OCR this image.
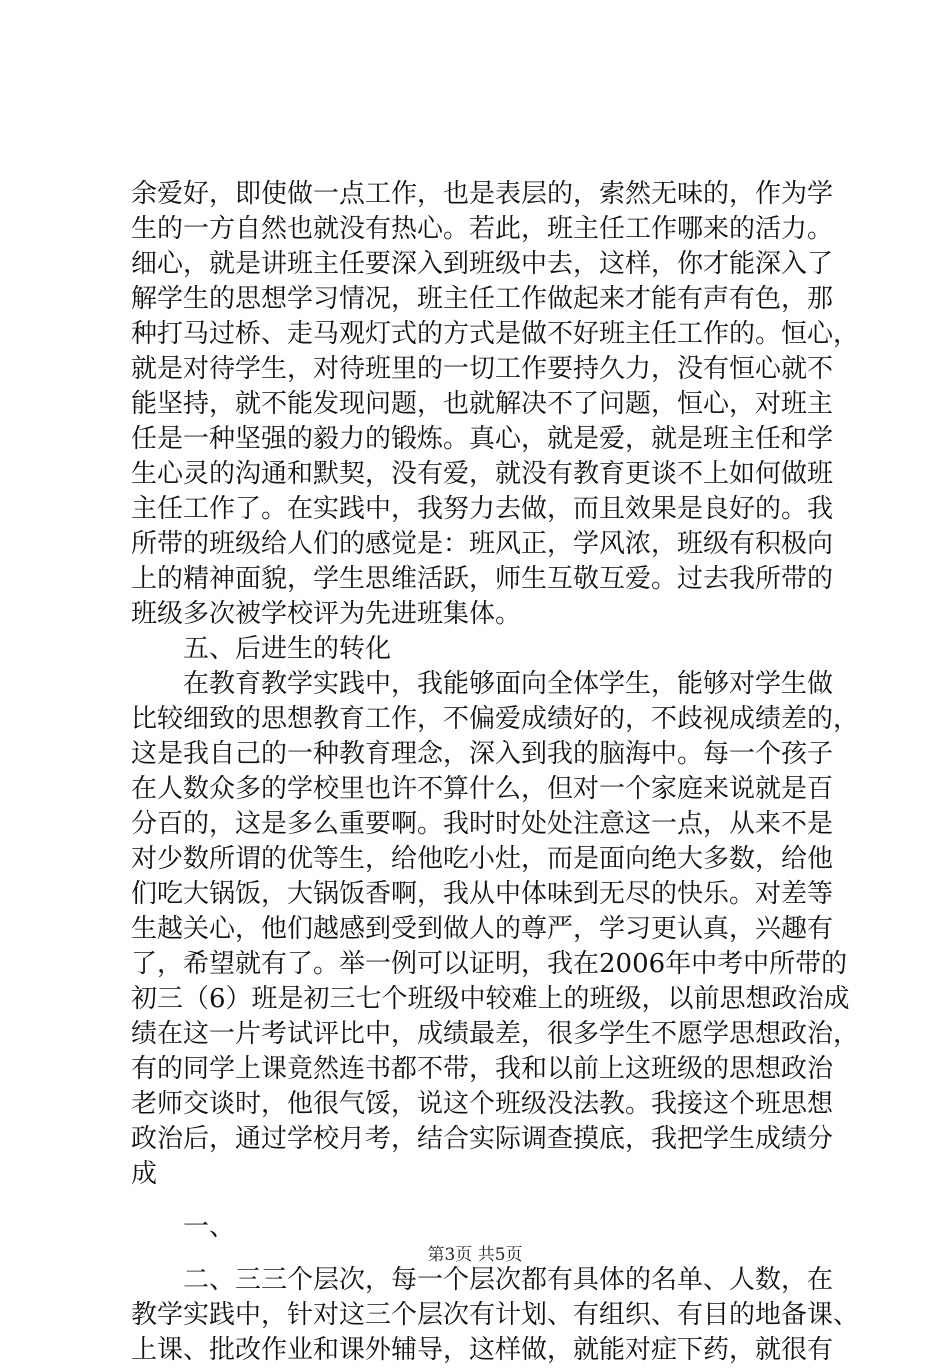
余爱好，即使做一点工作，也是表层的，索然无味的，作为学
生的一方自然也就没有热心。若此，班主任工作哪来的活力。
细心，就是讲班主任要深入到班级中去，这样，你才能深入了
解学生的思想学习情况，班主任工作做起来才能有声有色，那
种打马过桥、走马观灯式的方式是做不好班主任工作的。恒心，
就是对待学生，对待班里的一切工作要持久力，没有恒心就不
能坚持，就不能发现问题，也就解决不了问题，恒心，对班主
任是一种坚强的毅力的锻炼。真心，就是爱，就是班主任和学
生心灵的沟通和默契，没有爱，就没有教育更谈不上如何做班
主任工作了。在实践中，我努力去做，而且效果是良好的。我
所带的班级给人们的感觉是：班风正，学风浓，班级有积极向
上的精神面貌，学生思维活跃，师生互敬互爱。过去我所带的
班级多次被学校评为先进班集体。
五、后进生的转化
在教育教学实践中，我能够面向全体学生，能够对学生做
比较细致的思想教育工作，不偏爱成绩好的，不歧视成绩差的，
这是我自己的一种教育理念，深入到我的脑海中。每一个孩子
在人数众多的学校里也许不算什么，但对一个家庭来说就是百
分百的，这是多么重要啊。我时时处处注意这一点，从来不是
对少数所谓的优等生，给他吃小灶，而是面向绝大多数，给他
们吃大锅饭，大锅饭香啊，我从中体味到无尽的快乐。对差等
生越关心，他们越感到受到做人的尊严，学习更认真，兴趣有
了，希望就有了。举一例可以证明，我在2006年中考中所带的
初三（6）班是初三七个班级中较难上的班级，以前思想政治成
绩在这一片考试评比中，成绩最差，很多学生不愿学思想政治，
有的同学上课竟然连书都不带，我和以前上这班级的思想政治
老师交谈时，他很气馁，说这个班级没法教。我接这个班思想
政治后，通过学校月考，结合实际调查摸底，我把学生成绩分
成
一、
二、三三个层次，每一个层次都有具体的名单、人数，在
教学实践中，针对这三个层次有计划、有组织、有目的地备课、
上课、批改作业和课外辅导，这样做，就能对症下药，就很有
第3页 共5页
